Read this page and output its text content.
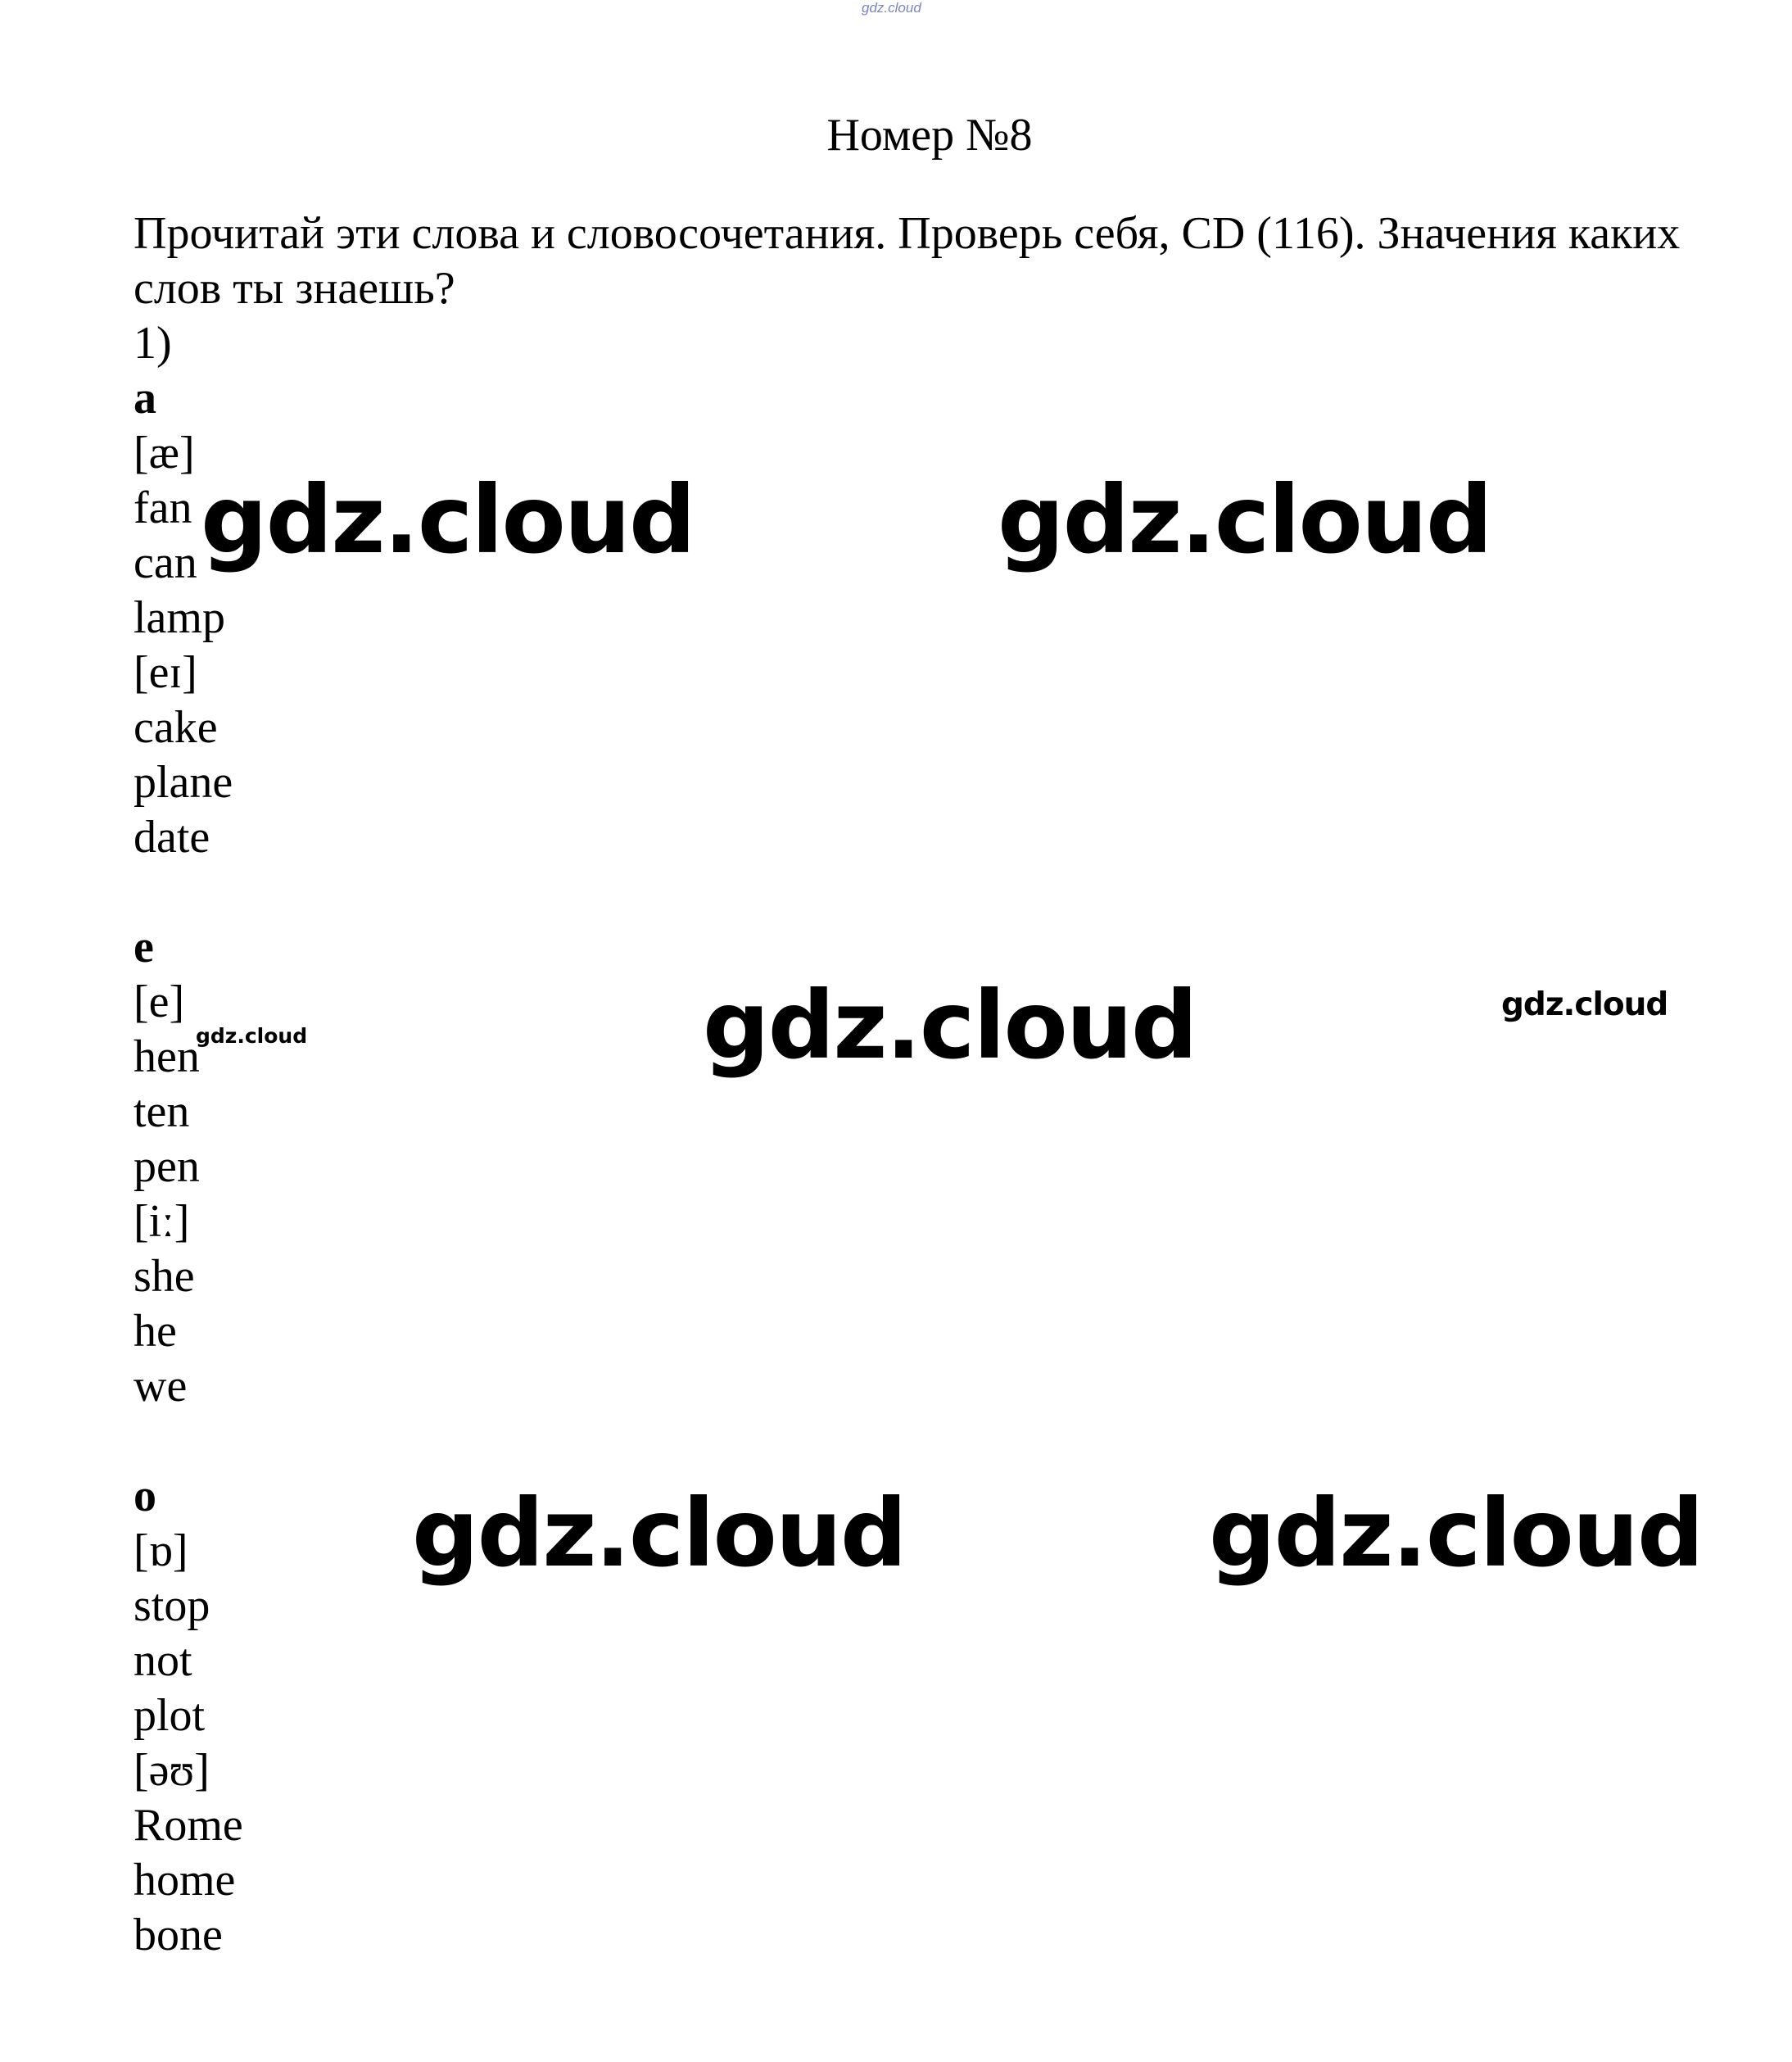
gdz.cloud
Номер №8
Прочитай эти слова и словосочетания. Проверь себя, CD (116). Значения каких слов ты знаешь?
1)
a
[æ]
fan
can
lamp
[eɪ]
cake
plane
date
e
[e]
hen
ten
pen
[iː]
she
he
we
o
[ɒ]
stop
not
plot
[əʊ]
Rome
home
bone
gdz.cloud	gdz.cloud
gdz.cloud	gdz.cloud
gdz.cloud
gdz.cloud	gdz.cloud
